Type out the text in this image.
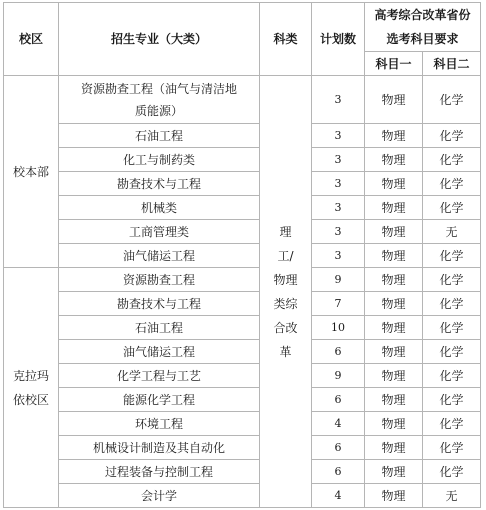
校区	招生专业（大类）	科类	计划数	高考综合改革省份选考科目要求	
				科目一	科目二
校本部	资源勘查工程（油气与清洁地质能源）	理工/物理类综合改革	3	物理	化学
	石油工程		3	物理	化学
	化工与制药类		3	物理	化学
	勘查技术与工程		3	物理	化学
	机械类		3	物理	化学
	工商管理类		3	物理	无
	油气储运工程		3	物理	化学
克拉玛依校区	资源勘查工程		9	物理	化学
	勘查技术与工程		7	物理	化学
	石油工程		10	物理	化学
	油气储运工程		6	物理	化学
	化学工程与工艺		9	物理	化学
	能源化学工程		6	物理	化学
	环境工程		4	物理	化学
	机械设计制造及其自动化		6	物理	化学
	过程装备与控制工程		6	物理	化学
	会计学		4	物理	无
